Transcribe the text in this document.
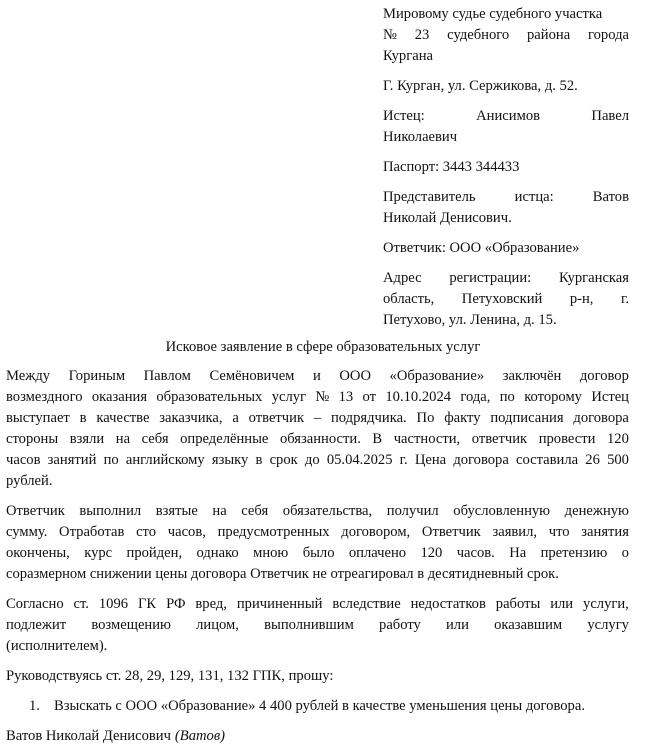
Мировому судье судебного участка
№ 23 судебного района города
Кургана
Г. Курган, ул. Сержикова, д. 52.
Истец:	Анисимов	Павел
Николаевич
Паспорт: 3443 344433
Представитель	истца:	Ватов
Николай Денисович.
Ответчик: ООО «Образование»
Адрес регистрации: Курганская
область, Петуховский р-н, г.
Петухово, ул. Ленина, д. 15.
Исковое заявление в сфере образовательных услуг
Между Гориным Павлом Семёновичем и ООО «Образование» заключён договор
возмездного оказания образовательных услуг № 13 от 10.10.2024 года, по которому Истец
выступает в качестве заказчика, а ответчик – подрядчика. По факту подписания договора
стороны взяли на себя определённые обязанности. В частности, ответчик провести 120
часов занятий по английскому языку в срок до 05.04.2025 г. Цена договора составила 26 500
рублей.
Ответчик выполнил взятые на себя обязательства, получил обусловленную денежную
сумму. Отработав сто часов, предусмотренных договором, Ответчик заявил, что занятия
окончены, курс пройден, однако мною было оплачено 120 часов. На претензию о
соразмерном снижении цены договора Ответчик не отреагировал в десятидневный срок.
Согласно ст. 1096 ГК РФ вред, причиненный вследствие недостатков работы или услуги,
подлежит возмещению лицом, выполнившим работу или оказавшим услугу
(исполнителем).
Руководствуясь ст. 28, 29, 129, 131, 132 ГПК, прошу:
1. Взыскать с ООО «Образование» 4 400 рублей в качестве уменьшения цены договора.
Ватов Николай Денисович (Ватов)
